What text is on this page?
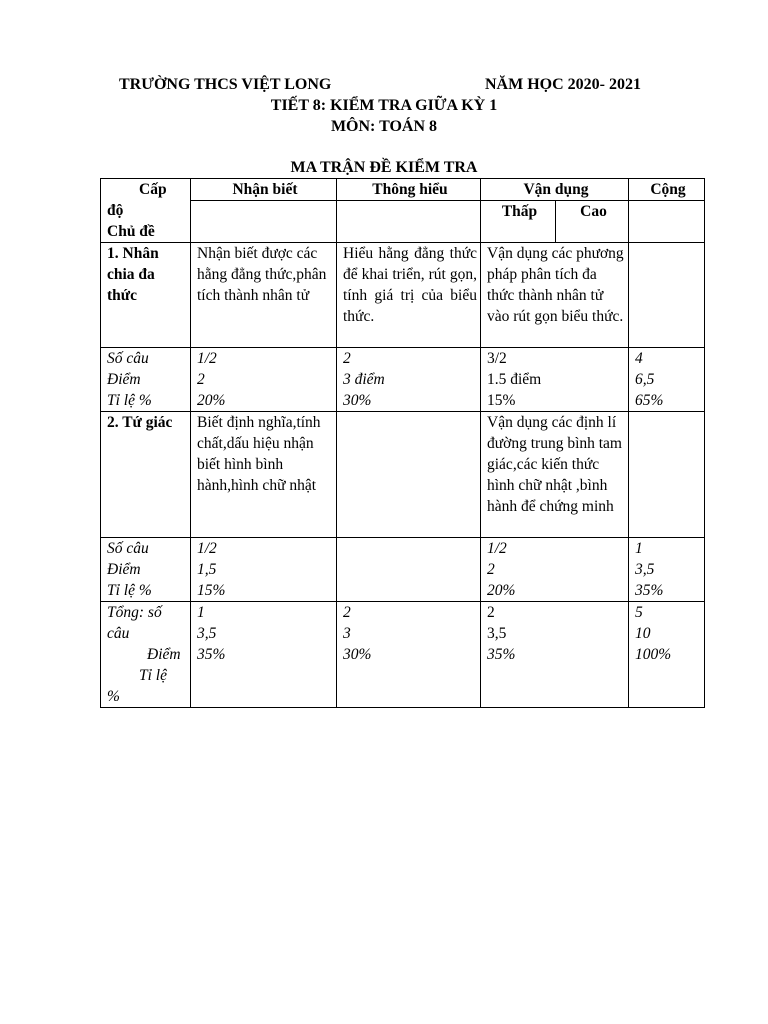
TRƯỜNG THCS VIỆT LONG	NĂM HỌC 2020- 2021
TIẾT 8: KIỂM TRA GIỮA KỲ 1
MÔN: TOÁN 8
MA TRẬN ĐỀ KIỂM TRA
Cấp
độ
Chủ đề	Nhận biết	Thông hiểu	Vận dụng		Cộng
			Thấp	Cao	

1. Nhân
chia đa
thức	Nhận biết được các hằng đẳng thức,phân tích thành nhân tử	Hiểu hằng đẳng thức để khai triển, rút gọn, tính giá trị của biểu thức.	Vận dụng các phương pháp phân tích đa thức thành nhân tử vào rút gọn biểu thức.		

Số câu
Điểm
Tỉ lệ %	1/2
2
20%	2
3 điểm
30%	3/2
1.5 điểm
15%		4
6,5
65%

2. Tứ giác	Biết định nghĩa,tính chất,dấu hiệu nhận biết hình bình hành,hình chữ nhật		Vận dụng các định lí đường trung bình tam giác,các kiến thức hình chữ nhật ,bình hành để chứng minh		

Số câu
Điểm
Tỉ lệ %	1/2
1,5
15%		1/2
2
20%		1
3,5
35%

Tổng: số
câu
Điểm
Tỉ lệ
%	1
3,5
35%	2
3
30%	2
3,5
35%		5
10
100%
